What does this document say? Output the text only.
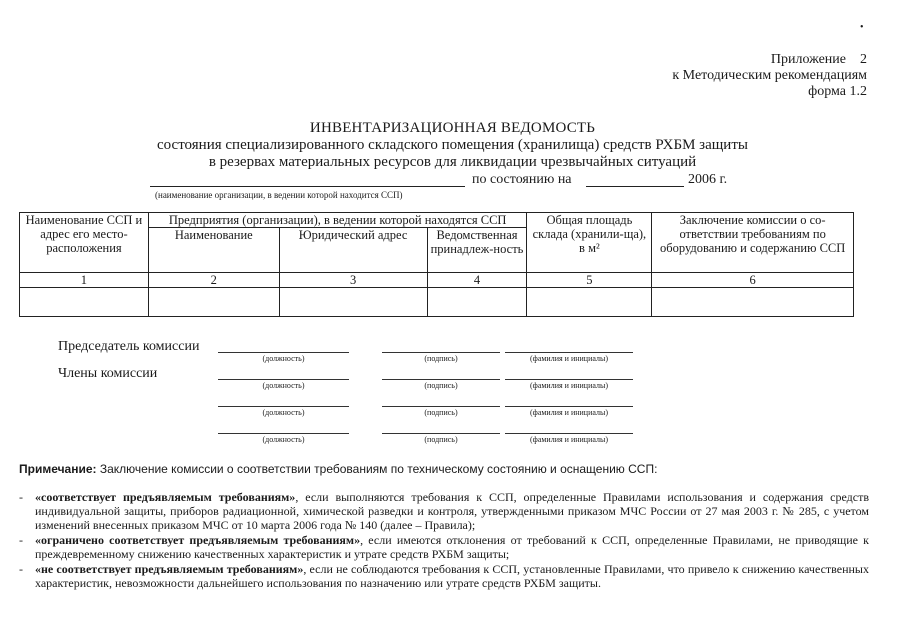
•
Приложение 2
к Методическим рекомендациям
форма 1.2
ИНВЕНТАРИЗАЦИОННАЯ ВЕДОМОСТЬ
состояния специализированного складского помещения (хранилища) средств РХБМ защиты
в резервах материальных ресурсов для ликвидации чрезвычайных ситуаций
по состоянию на	2006 г.
(наименование организации, в ведении которой находится ССП)
Наименование ССП и адрес его место-расположения	Предприятия (организации), в ведении которой находятся ССП			Общая площадь склада (хранили-ща), в м²	Заключение комиссии о со-ответствии требованиям по оборудованию и содержанию ССП
	Наименование	Юридический адрес	Ведомственная принадлеж-ность		
1	2	3	4	5	6

Председатель комиссии
Члены комиссии
(должность)	(подпись)	(фамилия и инициалы)
(должность)	(подпись)	(фамилия и инициалы)
(должность)	(подпись)	(фамилия и инициалы)
(должность)	(подпись)	(фамилия и инициалы)
Примечание: Заключение комиссии о соответствии требованиям по техническому состоянию и оснащению ССП:
- «соответствует предъявляемым требованиям», если выполняются требования к ССП, определенные Правилами использования и содержания средств индивидуальной защиты, приборов радиационной, химической разведки и контроля, утвержденными приказом МЧС России от 27 мая 2003 г. № 285, с учетом изменений внесенных приказом МЧС от 10 марта 2006 года № 140 (далее – Правила);
- «ограничено соответствует предъявляемым требованиям», если имеются отклонения от требований к ССП, определенные Правилами, не приводящие к преждевременному снижению качественных характеристик и утрате средств РХБМ защиты;
- «не соответствует предъявляемым требованиям», если не соблюдаются требования к ССП, установленные Правилами, что привело к снижению качественных характеристик, невозможности дальнейшего использования по назначению или утрате средств РХБМ защиты.
